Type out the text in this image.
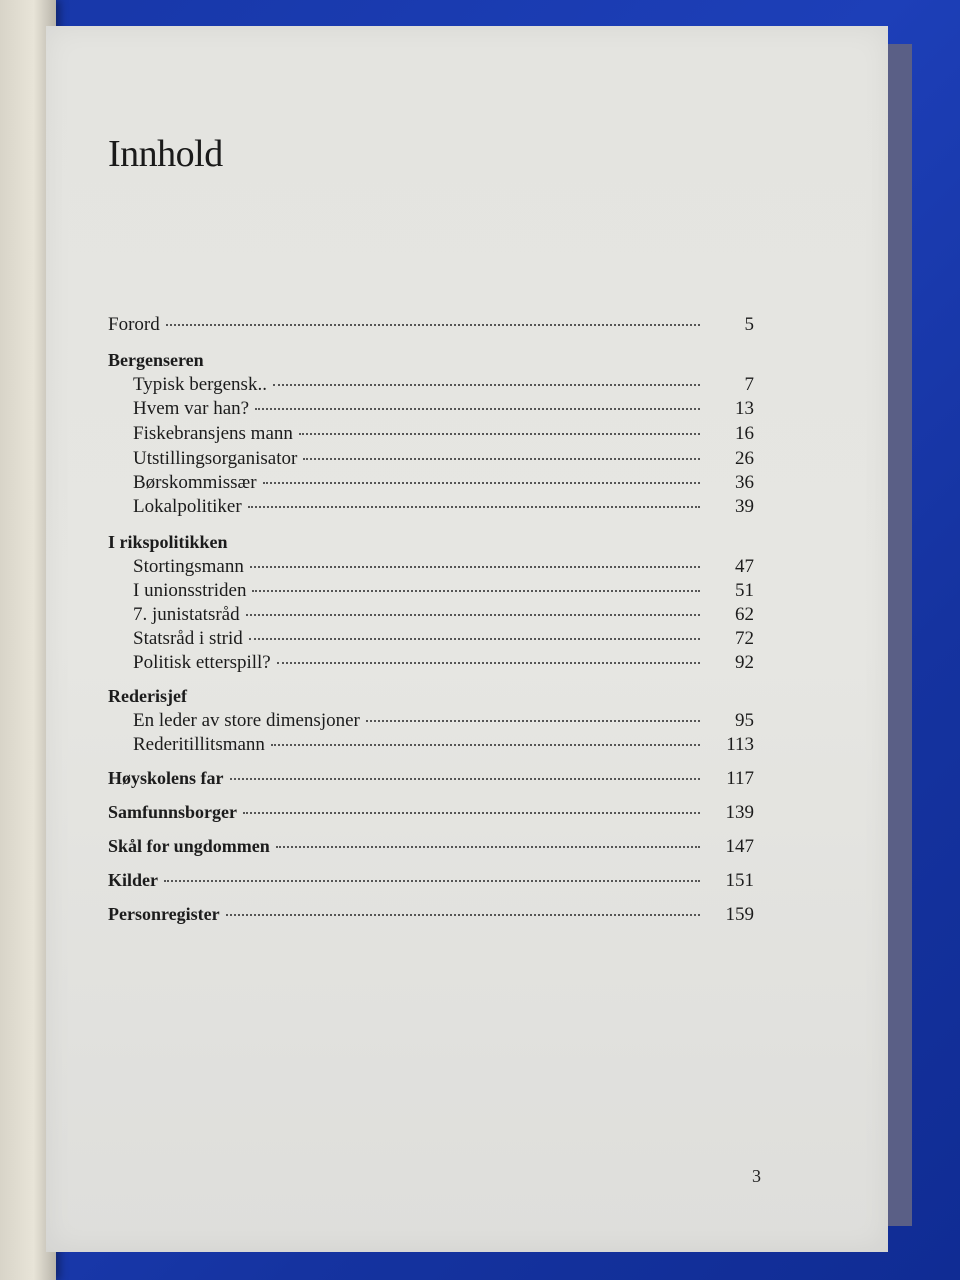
Innhold
Forord	5
Bergenseren
Typisk bergensk..	7
Hvem var han?	13
Fiskebransjens mann	16
Utstillingsorganisator	26
Børskommissær	36
Lokalpolitiker	39
I rikspolitikken
Stortingsmann	47
I unionsstriden	51
7. junistatsråd	62
Statsråd i strid	72
Politisk etterspill?	92
Rederisjef
En leder av store dimensjoner	95
Rederitillitsmann	113
Høyskolens far	117
Samfunnsborger	139
Skål for ungdommen	147
Kilder	151
Personregister	159
3
